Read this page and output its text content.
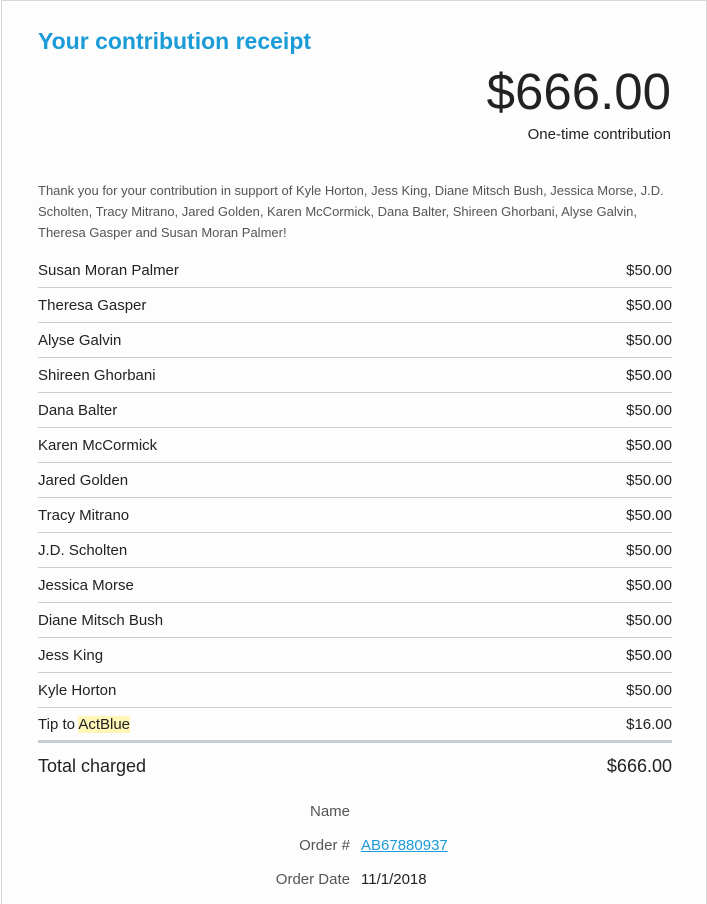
Your contribution receipt
$666.00
One-time contribution

Thank you for your contribution in support of Kyle Horton, Jess King, Diane Mitsch Bush, Jessica Morse, J.D. Scholten, Tracy Mitrano, Jared Golden, Karen McCormick, Dana Balter, Shireen Ghorbani, Alyse Galvin, Theresa Gasper and Susan Moran Palmer!

Susan Moran Palmer	$50.00
Theresa Gasper	$50.00
Alyse Galvin	$50.00
Shireen Ghorbani	$50.00
Dana Balter	$50.00
Karen McCormick	$50.00
Jared Golden	$50.00
Tracy Mitrano	$50.00
J.D. Scholten	$50.00
Jessica Morse	$50.00
Diane Mitsch Bush	$50.00
Jess King	$50.00
Kyle Horton	$50.00
Tip to ActBlue	$16.00
Total charged	$666.00
Name
Order # AB67880937
Order Date 11/1/2018
